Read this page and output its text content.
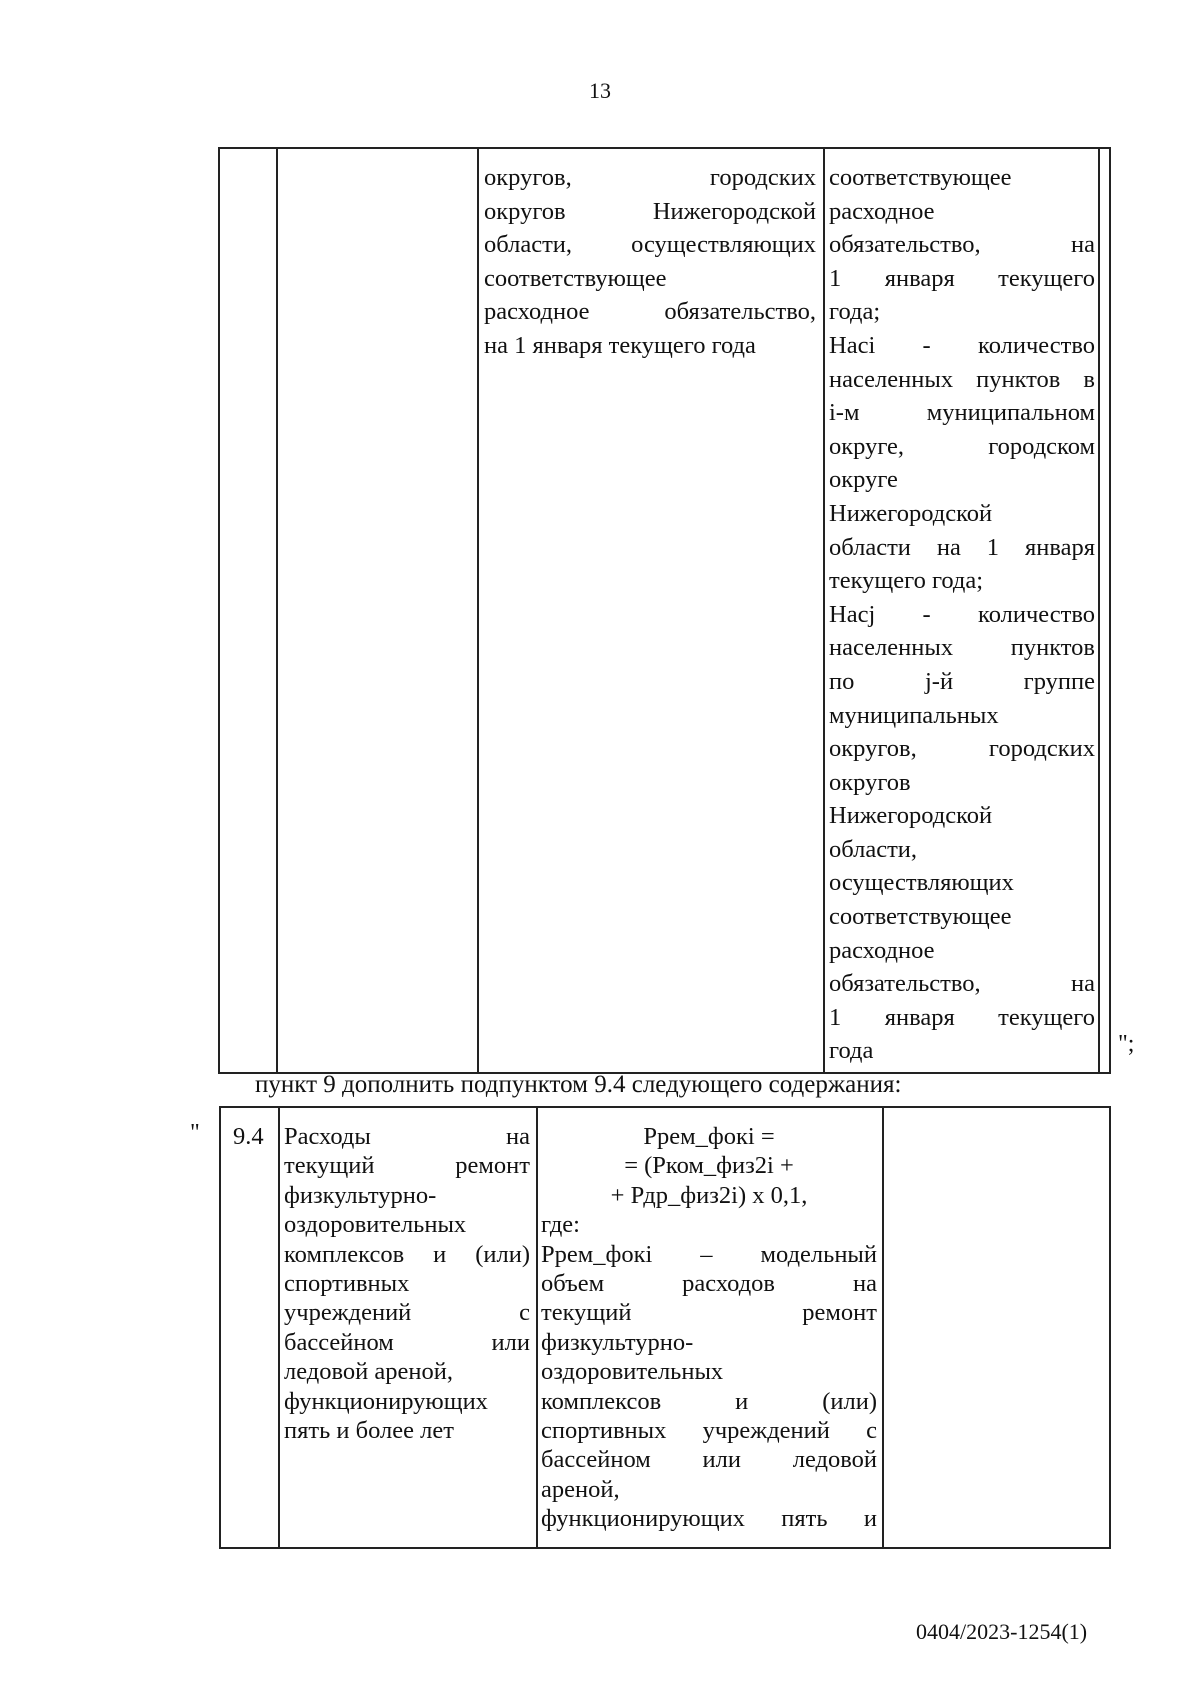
13
округов, городских
округов Нижегородской
области, осуществляющих
соответствующее
расходное обязательство,
на 1 января текущего года
соответствующее
расходное
обязательство, на
1 января текущего
года;
Насi - количество
населенных пунктов в
i-м муниципальном
округе, городском
округе
Нижегородской
области на 1 января
текущего года;
Насj - количество
населенных пунктов
по j-й группе
муниципальных
округов, городских
округов
Нижегородской
области,
осуществляющих
соответствующее
расходное
обязательство, на
1 января текущего
года	";
пункт 9 дополнить подпунктом 9.4 следующего содержания:
" 9.4 Расходы на
текущий ремонт
физкультурно-
оздоровительных
комплексов и (или)
спортивных
учреждений с
бассейном или
ледовой ареной,
функционирующих
пять и более лет
Ррем_фокi =
= (Рком_физ2i +
+ Рдр_физ2i) x 0,1,
где:
Ррем_фокi – модельный
объем расходов на
текущий ремонт
физкультурно-
оздоровительных
комплексов и (или)
спортивных учреждений с
бассейном или ледовой
ареной,
функционирующих пять и
0404/2023-1254(1)
